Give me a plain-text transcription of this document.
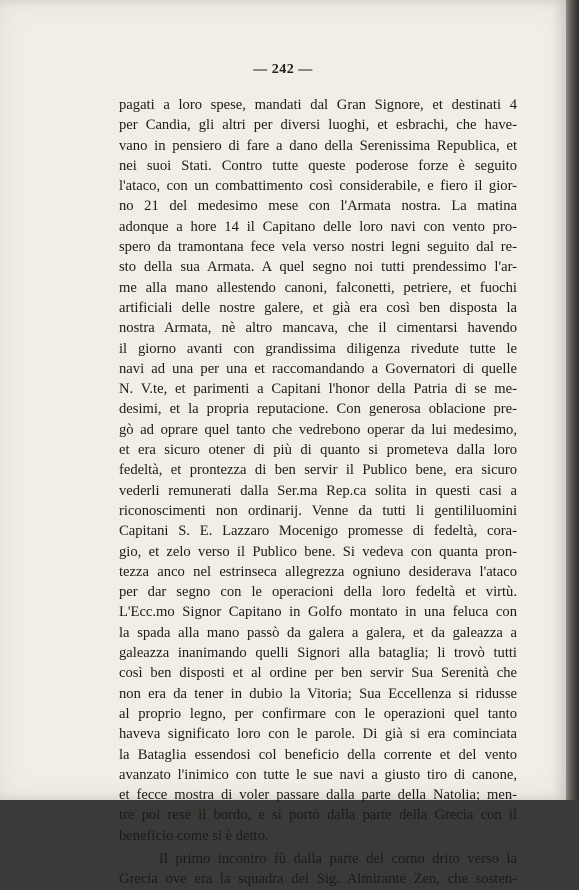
— 242 —
pagati a loro spese, mandati dal Gran Signore, et destinati 4
per Candia, gli altri per diversi luoghi, et esbrachi, che have-
vano in pensiero di fare a dano della Serenissima Republica, et
nei suoi Stati. Contro tutte queste poderose forze è seguito
l'ataco, con un combattimento così considerabile, e fiero il gior-
no 21 del medesimo mese con l'Armata nostra. La matina
adonque a hore 14 il Capitano delle loro navi con vento pro-
spero da tramontana fece vela verso nostri legni seguito dal re-
sto della sua Armata. A quel segno noi tutti prendessimo l'ar-
me alla mano allestendo canoni, falconetti, petriere, et fuochi
artificiali delle nostre galere, et già era così ben disposta la
nostra Armata, nè altro mancava, che il cimentarsi havendo
il giorno avanti con grandissima diligenza rivedute tutte le
navi ad una per una et raccomandando a Governatori di quelle
N. V.te, et parimenti a Capitani l'honor della Patria di se me-
desimi, et la propria reputacione. Con generosa oblacione pre-
gò ad oprare quel tanto che vedrebono operar da lui medesimo,
et era sicuro otener di più di quanto si prometeva dalla loro
fedeltà, et prontezza di ben servir il Publico bene, era sicuro
vederli remunerati dalla Ser.ma Rep.ca solita in questi casi a
riconoscimenti non ordinarij. Venne da tutti li gentililuomini
Capitani S. E. Lazzaro Mocenigo promesse di fedeltà, cora-
gio, et zelo verso il Publico bene. Si vedeva con quanta pron-
tezza anco nel estrinseca allegrezza ogniuno desiderava l'ataco
per dar segno con le operacioni della loro fedeltà et virtù.
L'Ecc.mo Signor Capitano in Golfo montato in una feluca con
la spada alla mano passò da galera a galera, et da galeazza a
galeazza inanimando quelli Signori alla bataglia; li trovò tutti
così ben disposti et al ordine per ben servir Sua Serenità che
non era da tener in dubio la Vitoria; Sua Eccellenza si ridusse
al proprio legno, per confirmare con le operazioni quel tanto
haveva significato loro con le parole. Di già si era cominciata
la Bataglia essendosi col beneficio della corrente et del vento
avanzato l'inimico con tutte le sue navi a giusto tiro di canone,
et fecce mostra di voler passare dalla parte della Natolia; men-
tre poi rese il bordo, e si portò dalla parte della Grecia con il
beneficio come si è detto.
Il primo incontro fù dalla parte del corno drito verso la
Grecia ove era la squadra del Sig. Almirante Zen, che sosten-
